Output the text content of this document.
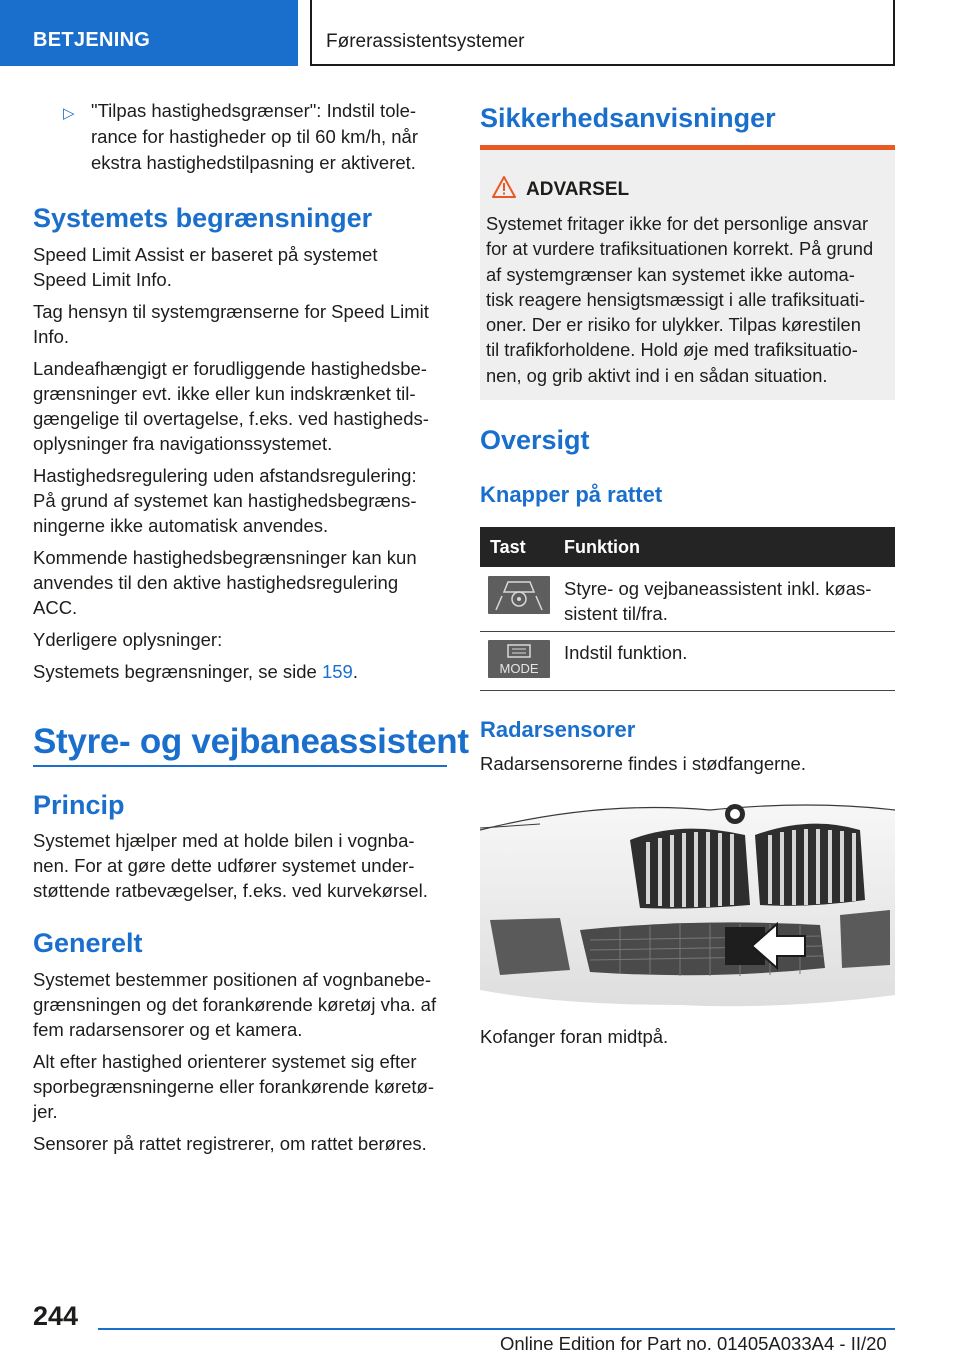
BETJENING	Førerassistentsystemer
▷ "Tilpas hastighedsgrænser": Indstil tole-
rance for hastigheder op til 60 km/h, når
ekstra hastighedstilpasning er aktiveret.
Systemets begrænsninger
Speed Limit Assist er baseret på systemet
Speed Limit Info.
Tag hensyn til systemgrænserne for Speed Limit
Info.
Landeafhængigt er forudliggende hastighedsbe-
grænsninger evt. ikke eller kun indskrænket til-
gængelige til overtagelse, f.eks. ved hastigheds-
oplysninger fra navigationssystemet.
Hastighedsregulering uden afstandsregulering:
På grund af systemet kan hastighedsbegræns-
ningerne ikke automatisk anvendes.
Kommende hastighedsbegrænsninger kan kun
anvendes til den aktive hastighedsregulering
ACC.
Yderligere oplysninger:
Systemets begrænsninger, se side 159.
Styre- og vejbaneassistent
Princip
Systemet hjælper med at holde bilen i vognba-
nen. For at gøre dette udfører systemet under-
støttende ratbevægelser, f.eks. ved kurvekørsel.
Generelt
Systemet bestemmer positionen af vognbanebe-
grænsningen og det forankørende køretøj vha. af
fem radarsensorer og et kamera.
Alt efter hastighed orienterer systemet sig efter
sporbegrænsningerne eller forankørende køretø-
jer.
Sensorer på rattet registrerer, om rattet berøres.
Sikkerhedsanvisninger
ADVARSEL
Systemet fritager ikke for det personlige ansvar
for at vurdere trafiksituationen korrekt. På grund
af systemgrænser kan systemet ikke automa-
tisk reagere hensigtsmæssigt i alle trafiksituati-
oner. Der er risiko for ulykker. Tilpas kørestilen
til trafikforholdene. Hold øje med trafiksituatio-
nen, og grib aktivt ind i en sådan situation.
Oversigt
Knapper på rattet
Tast Funktion
Styre- og vejbaneassistent inkl. køas-
sistent til/fra.
MODE
Indstil funktion.
Radarsensorer
Radarsensorerne findes i stødfangerne.
Kofanger foran midtpå.
244
Online Edition for Part no. 01405A033A4 - II/20
